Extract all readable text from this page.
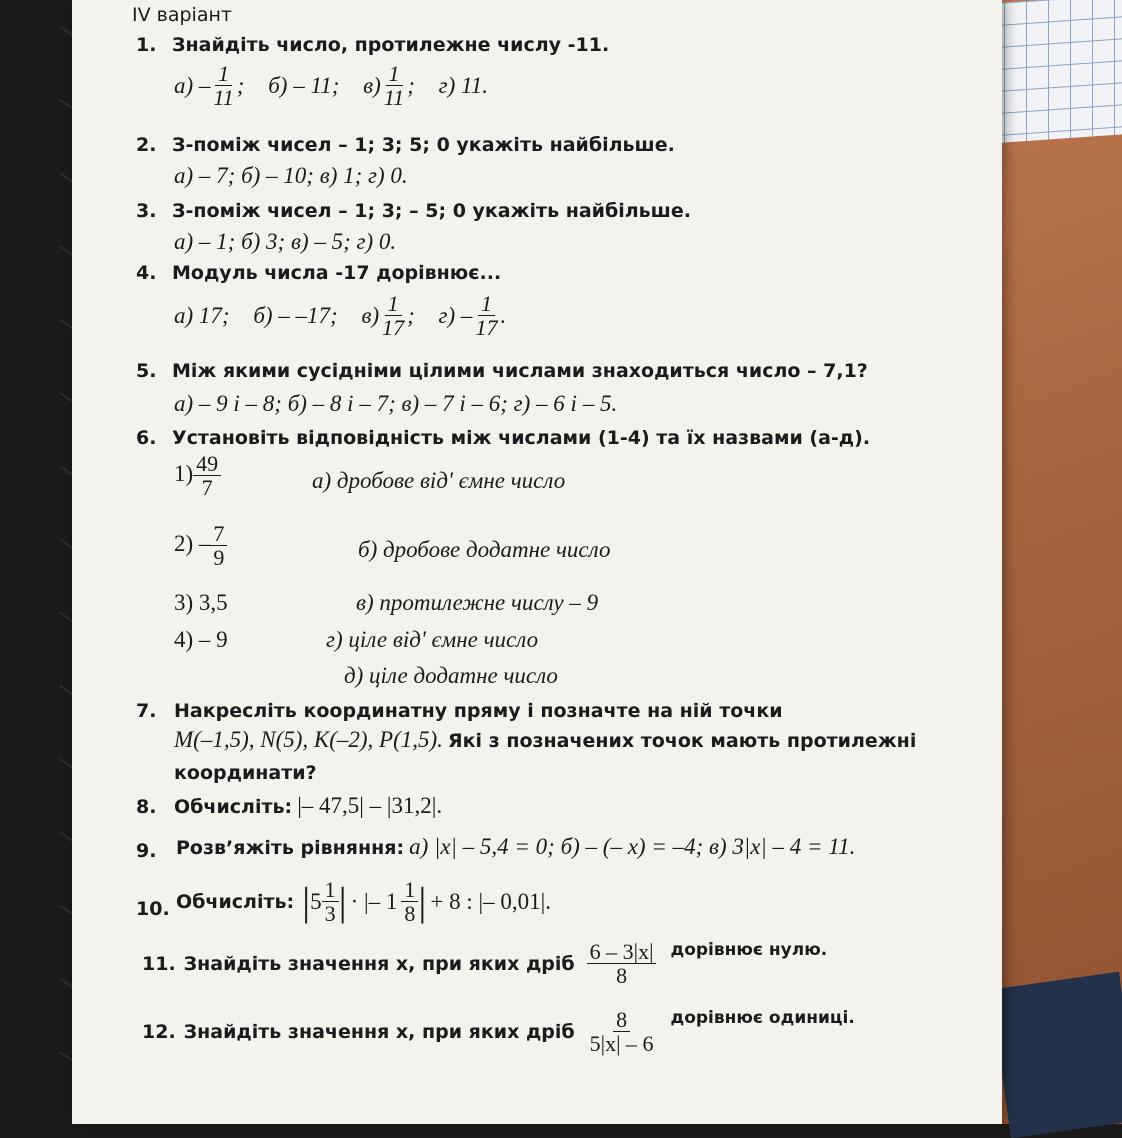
IV варіант
1. Знайдіть число, протилежне числу -11.
$а) - \frac{1}{11}$ ; б) – 11; $в) \frac{1}{11}$ ; г) 11.
2. З-поміж чисел – 1; 3; 5; 0 укажіть найбільше.
а) – 7; б) – 10; в) 1; г) 0.
3. З-поміж чисел – 1; 3; – 5; 0 укажіть найбільше.
а) – 1; б) 3; в) – 5; г) 0.
4. Модуль числа -17 дорівнює...
а) 17; б) – –17; $в) \frac{1}{17}$ ;
$г) - \frac{1}{17}$ .
5. Між якими сусідніми цілими числами знаходиться число – 7,1?
а) – 9 і – 8; б) – 8 і – 7; в) – 7 і – 6; г) – 6 і – 5.
6. Установіть відповідність між числами (1-4) та їх назвами (а-д).
$1) \frac{49}{7}$	а) дробове від' ємне число
$2) - \frac{7}{9}$	б) дробове додатне число
3) 3,5	в) протилежне числу – 9
4) – 9	г) ціле від' ємне число
д) ціле додатне число
7. Накресліть координатну пряму і позначте на ній точки
M(–1,5), N(5), K(–2), P(1,5). Які з позначених точок мають протилежні
координати?
8. Обчисліть: |– 47,5| – |31,2|.
9. Розв’яжіть рівняння: а) |x| – 5,4 = 0; б) – (– x) = –4; в) 3|x| – 4 = 11.
10. Обчисліть: | $5 \frac{1}{3}$ | · |– $1 \frac{1}{8}$ | + 8 : |– 0,01|.
11. Знайдіть значення x, при яких дріб $\frac{6 - 3|x|}{8}$ дорівнює нулю.
12. Знайдіть значення x, при яких дріб $\frac{8}{5|x| - 6}$ дорівнює одиниці.
